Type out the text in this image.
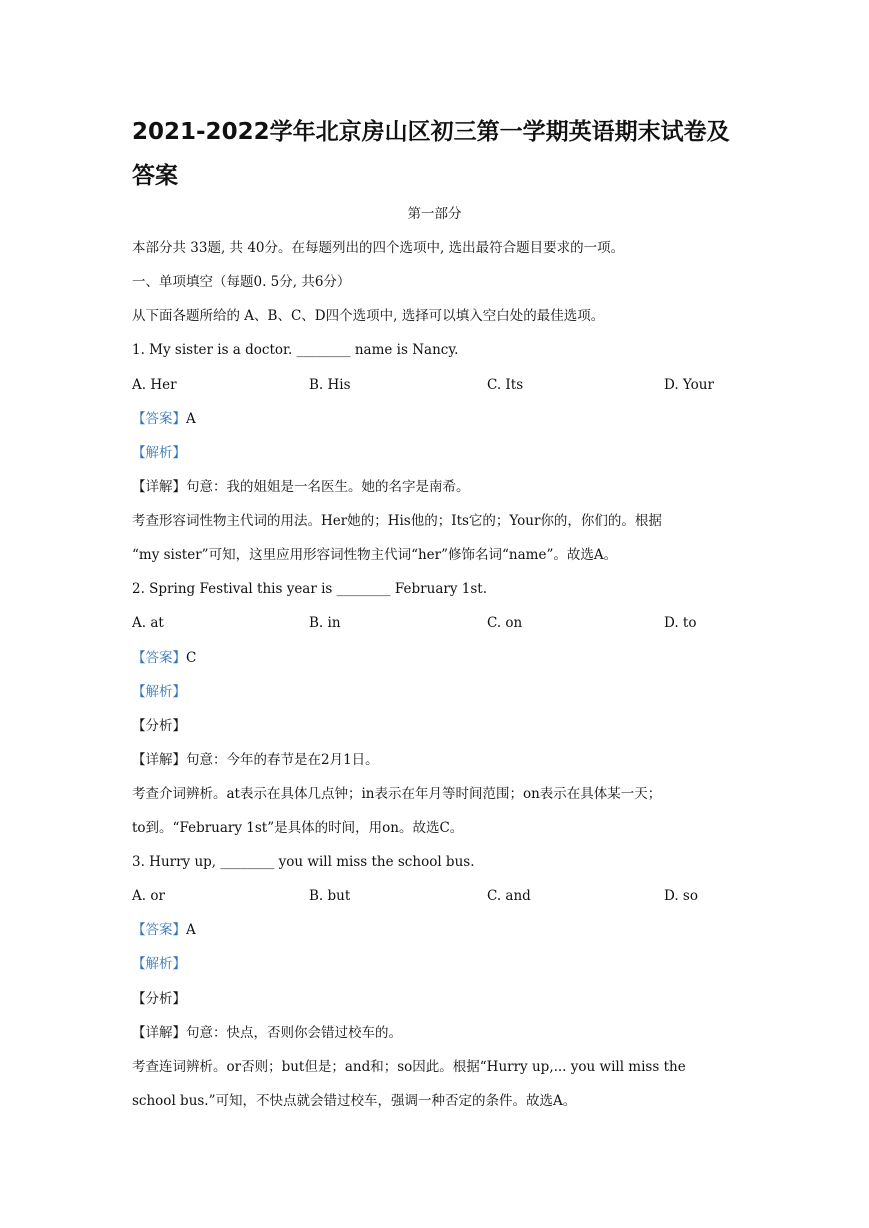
2021-2022学年北京房山区初三第一学期英语期末试卷及答案
第一部分
本部分共 33题, 共 40分。在每题列出的四个选项中, 选出最符合题目要求的一项。
一、单项填空（每题0. 5分, 共6分）
从下面各题所给的 A、B、C、D四个选项中, 选择可以填入空白处的最佳选项。
1. My sister is a doctor. ________ name is Nancy.
A. Her	B. His	C. Its	D. Your
【答案】A
【解析】
【详解】句意：我的姐姐是一名医生。她的名字是南希。
考查形容词性物主代词的用法。Her她的；His他的；Its它的；Your你的，你们的。根据
“my sister”可知，这里应用形容词性物主代词“her”修饰名词“name”。故选A。
2. Spring Festival this year is ________ February 1st.
A. at	B. in	C. on	D. to
【答案】C
【解析】
【分析】
【详解】句意：今年的春节是在2月1日。
考查介词辨析。at表示在具体几点钟；in表示在年月等时间范围；on表示在具体某一天；
to到。“February 1st”是具体的时间，用on。故选C。
3. Hurry up, ________ you will miss the school bus.
A. or	B. but	C. and	D. so
【答案】A
【解析】
【分析】
【详解】句意：快点，否则你会错过校车的。
考查连词辨析。or否则；but但是；and和；so因此。根据“Hurry up,... you will miss the
school bus.”可知，不快点就会错过校车，强调一种否定的条件。故选A。
